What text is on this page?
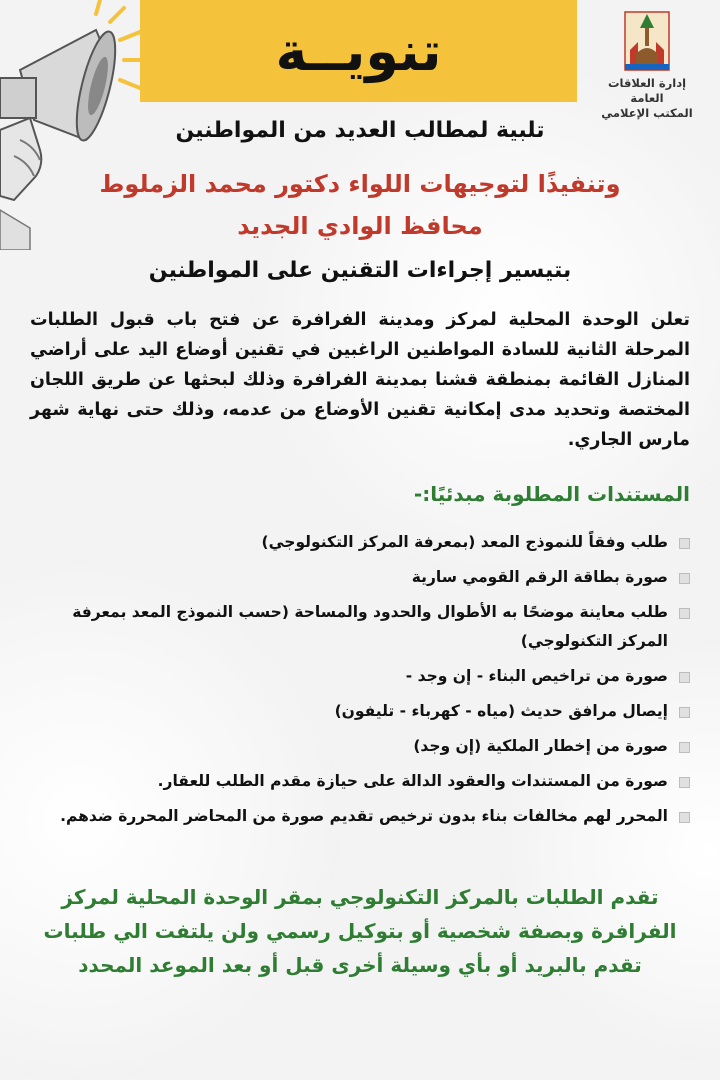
تنويــة
إدارة العلاقات العامة
المكتب الإعلامي
تلبية لمطالب العديد من المواطنين
وتنفيذًا لتوجيهات اللواء دكتور محمد الزملوط
محافظ الوادي الجديد
بتيسير إجراءات التقنين على المواطنين
تعلن الوحدة المحلية لمركز ومدينة الفرافرة عن فتح باب قبول الطلبات المرحلة الثانية للسادة المواطنين الراغبين في تقنين أوضاع اليد على أراضي المنازل القائمة بمنطقة قشنا بمدينة الفرافرة وذلك لبحثها عن طريق اللجان المختصة وتحديد مدى إمكانية تقنين الأوضاع من عدمه، وذلك حتى نهاية شهر مارس الجاري.
المستندات المطلوبة مبدئيًا:-
طلب وفقاً للنموذج المعد (بمعرفة المركز التكنولوجي)
صورة بطاقة الرقم القومي سارية
طلب معاينة موضحًا به الأطوال والحدود والمساحة (حسب النموذج المعد بمعرفة المركز التكنولوجي)
صورة من تراخيص البناء - إن وجد -
إيصال مرافق حديث (مياه - كهرباء - تليفون)
صورة من إخطار الملكية (إن وجد)
صورة من المستندات والعقود الدالة على حيازة مقدم الطلب للعقار.
المحرر لهم مخالفات بناء بدون ترخيص تقديم صورة من المحاضر المحررة ضدهم.
تقدم الطلبات بالمركز التكنولوجي بمقر الوحدة المحلية لمركز الفرافرة وبصفة شخصية أو بتوكيل رسمي ولن يلتفت الي طلبات تقدم بالبريد أو بأي وسيلة أخرى قبل أو بعد الموعد المحدد
